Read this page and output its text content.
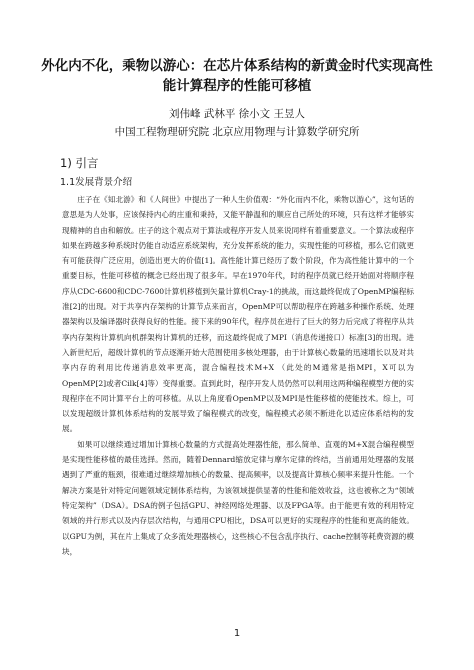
外化内不化，乘物以游心：在芯片体系结构的新黄金时代实现高性能计算程序的性能可移植
刘伟峰 武林平 徐小文 王昱人
中国工程物理研究院 北京应用物理与计算数学研究所
1) 引言
1.1发展背景介绍

庄子在《知北游》和《人间世》中提出了一种人生价值观：“外化而内不化，乘物以游心”，这句话的意思是为人处事，应该保持内心的庄重和秉持，又能平静温和的顺应自己所处的环境，只有这样才能够实现精神的自由和解放。庄子的这个观点对于算法或程序开发人员来说同样有着重要意义。一个算法或程序如果在跨越多种系统时仍能自动适应系统架构，充分发挥系统的能力，实现性能的可移植，那么它们就更有可能获得广泛应用，创造出更大的价值[1]。高性能计算已经历了数个阶段，作为高性能计算中的一个重要目标，性能可移植的概念已经出现了很多年。早在1970年代，时的程序员就已经开始面对将顺序程序从CDC-6600和CDC-7600计算机移植到矢量计算机Cray-1的挑战，而这最终促成了OpenMP编程标准[2]的出现。对于共享内存架构的计算节点来而言，OpenMP可以帮助程序在跨越多种操作系统、处理器架构以及编译器时获得良好的性能。接下来的90年代，程序员在进行了巨大的努力后完成了将程序从共享内存架构计算机向机群架构计算机的迁移，而这最终促成了MPI（消息传递接口）标准[3]的出现。进入新世纪后，超级计算机的节点逐渐开始大范围使用多核处理器，由于计算核心数量的迅速增长以及对共享内存的利用比传递消息效率更高，混合编程技术M+X （此处的M通常是指MPI，X可以为OpenMP[2]或者Cilk[4]等）变得重要。直到此时，程序开发人员仍然可以利用这两种编程模型方便的实现程序在不同计算平台上的可移植。从以上角度看OpenMP以及MPI是性能移植的使能技术。综上，可以发现超级计算机体系结构的发展导致了编程模式的改变，编程模式必须不断进化以适应体系结构的发展。

如果可以继续通过增加计算核心数量的方式提高处理器性能，那么简单、直观的M+X混合编程模型是实现性能移植的最佳选择。然而，随着Dennard缩放定律与摩尔定律的终结，当前通用处理器的发展遇到了严重的瓶颈，很难通过继续增加核心的数量、提高频率，以及提高计算核心频率来提升性能。一个解决方案是针对特定问题领域定制体系结构，为该领域提供显著的性能和能效收益，这也被称之为“领域特定架构”（DSA）。DSA的例子包括GPU、神经网络处理器、以及FPGA等。由于能更有效的利用特定领域的并行形式以及内存层次结构，与通用CPU相比，DSA可以更好的实现程序的性能和更高的能效。以GPU为例，其在片上集成了众多流处理器核心，这些核心不包含乱序执行、cache控制等耗费资源的模块，

1
